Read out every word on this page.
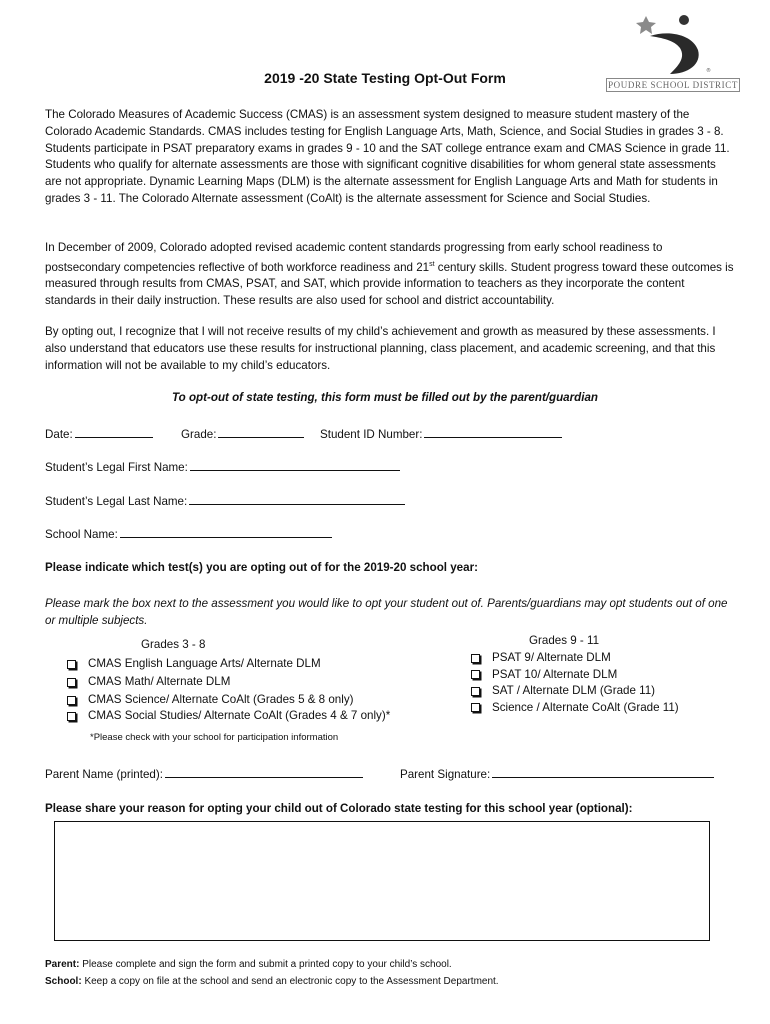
®
POUDRE SCHOOL DISTRICT
2019 -20 State Testing Opt-Out Form

The Colorado Measures of Academic Success (CMAS) is an assessment system designed to measure student mastery of the Colorado Academic Standards. CMAS includes testing for English Language Arts, Math, Science, and Social Studies in grades 3 - 8. Students participate in PSAT preparatory exams in grades 9 - 10 and the SAT college entrance exam and CMAS Science in grade 11. Students who qualify for alternate assessments are those with significant cognitive disabilities for whom general state assessments are not appropriate. Dynamic Learning Maps (DLM) is the alternate assessment for English Language Arts and Math for students in grades 3 - 11. The Colorado Alternate assessment (CoAlt) is the alternate assessment for Science and Social Studies.

In December of 2009, Colorado adopted revised academic content standards progressing from early school readiness to postsecondary competencies reflective of both workforce readiness and 21st century skills. Student progress toward these outcomes is measured through results from CMAS, PSAT, and SAT, which provide information to teachers as they incorporate the content standards in their daily instruction. These results are also used for school and district accountability.

By opting out, I recognize that I will not receive results of my child’s achievement and growth as measured by these assessments. I also understand that educators use these results for instructional planning, class placement, and academic screening, and that this information will not be available to my child’s educators.

To opt-out of state testing, this form must be filled out by the parent/guardian
Date:	Grade:	Student ID Number:
Student’s Legal First Name:
Student’s Legal Last Name:
School Name:
Please indicate which test(s) you are opting out of for the 2019-20 school year:
Please mark the box next to the assessment you would like to opt your student out of. Parents/guardians may opt students out of one or multiple subjects.
Grades 3 - 8
CMAS English Language Arts/ Alternate DLM
CMAS Math/ Alternate DLM
CMAS Science/ Alternate CoAlt (Grades 5 & 8 only)
CMAS Social Studies/ Alternate CoAlt (Grades 4 & 7 only)*
*Please check with your school for participation information
Grades 9 - 11
PSAT 9/ Alternate DLM
PSAT 10/ Alternate DLM
SAT / Alternate DLM (Grade 11)
Science / Alternate CoAlt (Grade 11)
Parent Name (printed):	Parent Signature:
Please share your reason for opting your child out of Colorado state testing for this school year (optional):
Parent: Please complete and sign the form and submit a printed copy to your child’s school.
School: Keep a copy on file at the school and send an electronic copy to the Assessment Department.
